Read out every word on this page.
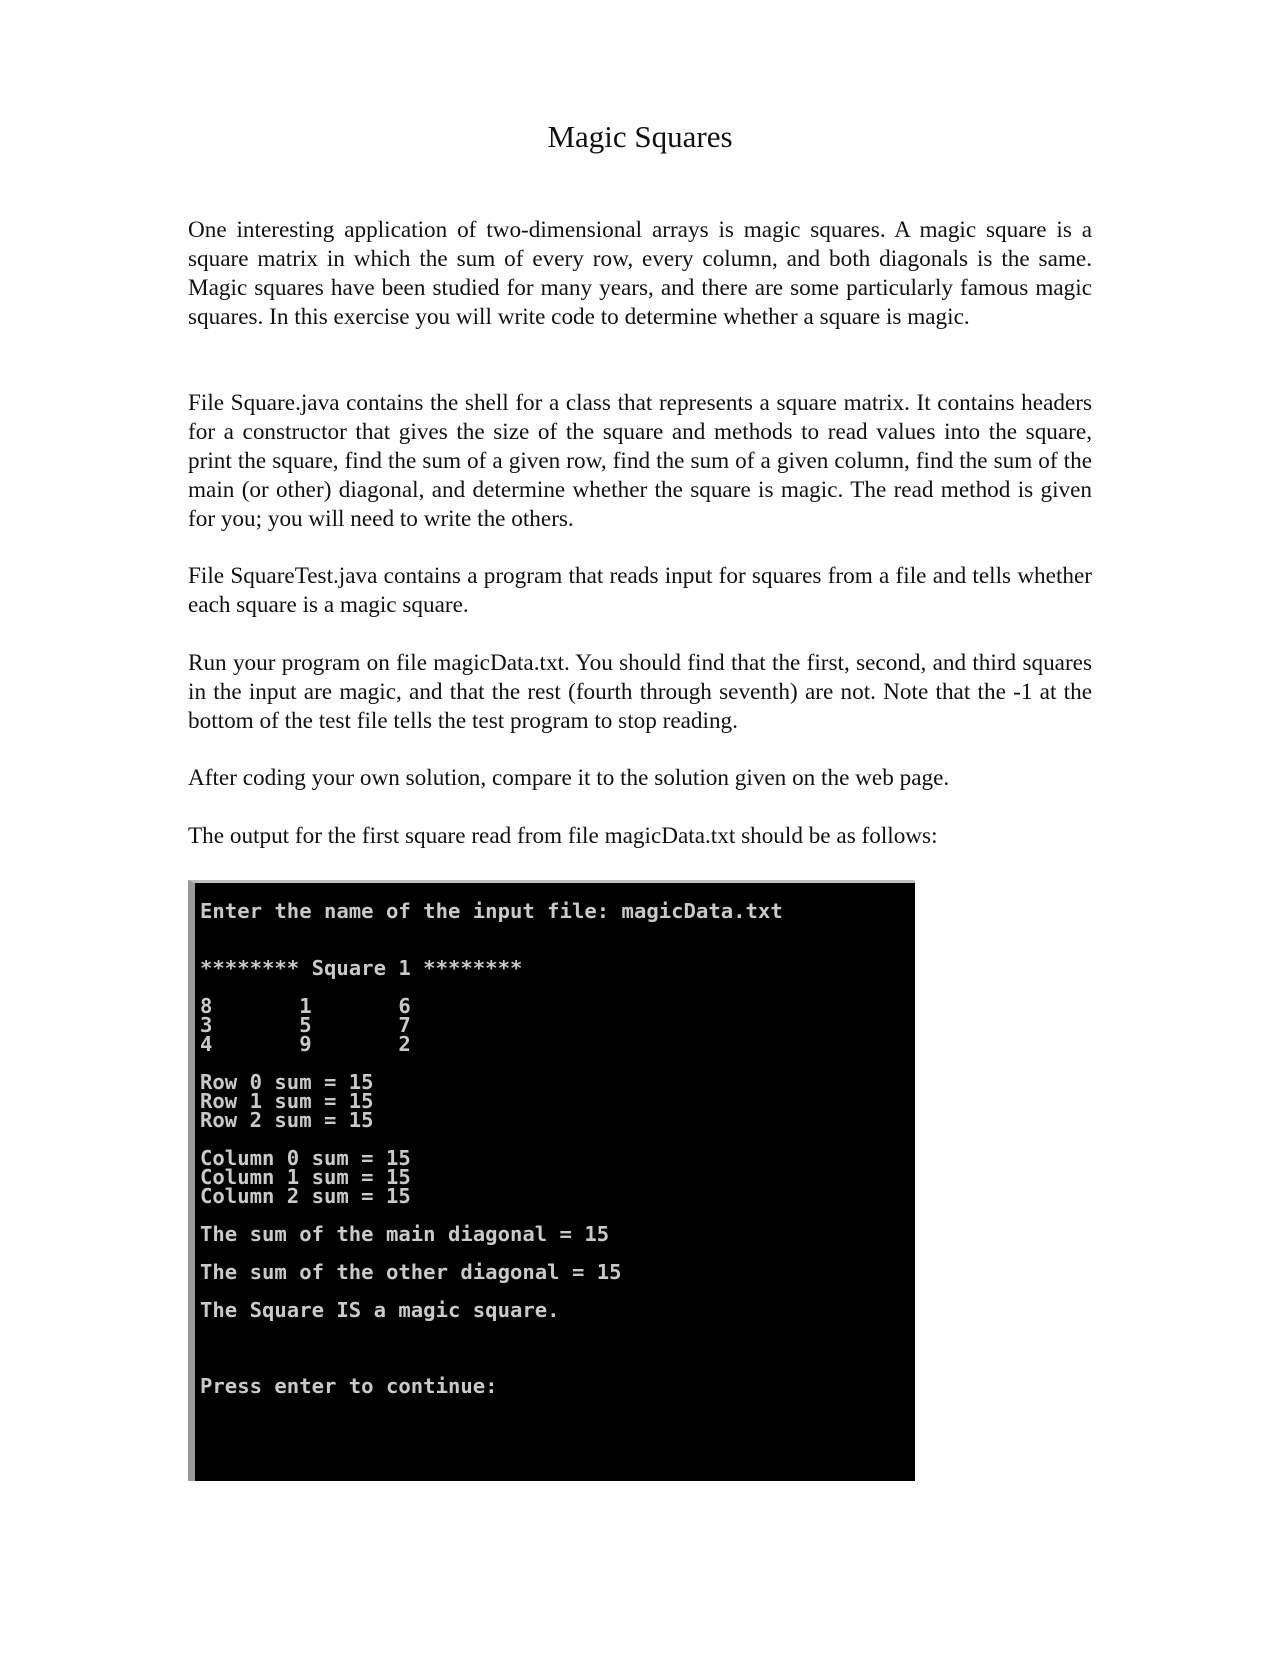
Magic Squares

One interesting application of two-dimensional arrays is magic squares. A magic square is a square matrix in which the sum of every row, every column, and both diagonals is the same. Magic squares have been studied for many years, and there are some particularly famous magic squares. In this exercise you will write code to determine whether a square is magic.

File Square.java contains the shell for a class that represents a square matrix. It contains headers for a constructor that gives the size of the square and methods to read values into the square, print the square, find the sum of a given row, find the sum of a given column, find the sum of the main (or other) diagonal, and determine whether the square is magic. The read method is given for you; you will need to write the others.

File SquareTest.java contains a program that reads input for squares from a file and tells whether each square is a magic square.

Run your program on file magicData.txt. You should find that the first, second, and third squares in the input are magic, and that the rest (fourth through seventh) are not. Note that the -1 at the bottom of the test file tells the test program to stop reading.

After coding your own solution, compare it to the solution given on the web page.

The output for the first square read from file magicData.txt should be as follows:

Enter the name of the input file: magicData.txt

******** Square 1 ********

8       1       6
3       5       7
4       9       2

Row 0 sum = 15
Row 1 sum = 15
Row 2 sum = 15

Column 0 sum = 15
Column 1 sum = 15
Column 2 sum = 15

The sum of the main diagonal = 15

The sum of the other diagonal = 15

The Square IS a magic square.

Press enter to continue:
